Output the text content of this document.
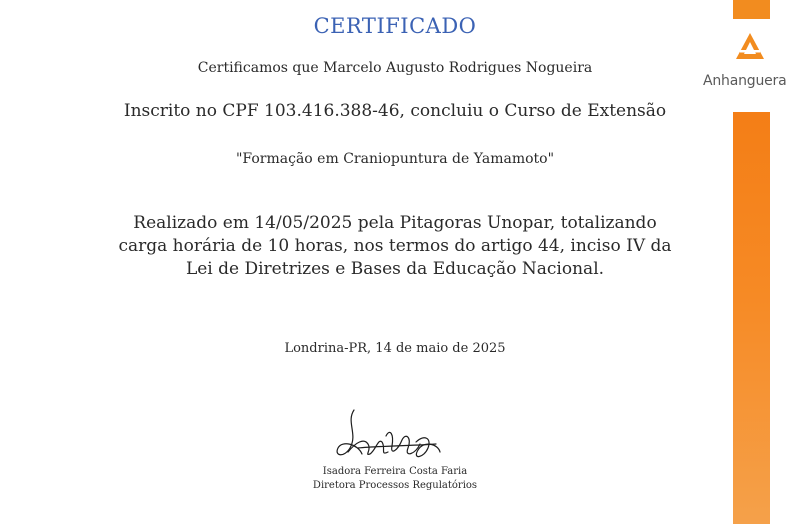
CERTIFICADO
Certificamos que Marcelo Augusto Rodrigues Nogueira
Inscrito no CPF 103.416.388-46, concluiu o Curso de Extensão
"Formação em Craniopuntura de Yamamoto"
Realizado em 14/05/2025 pela Pitagoras Unopar, totalizando
carga horária de 10 horas, nos termos do artigo 44, inciso IV da
Lei de Diretrizes e Bases da Educação Nacional.
Londrina-PR, 14 de maio de 2025
Isadora Ferreira Costa Faria
Diretora Processos Regulatórios
Anhanguera
